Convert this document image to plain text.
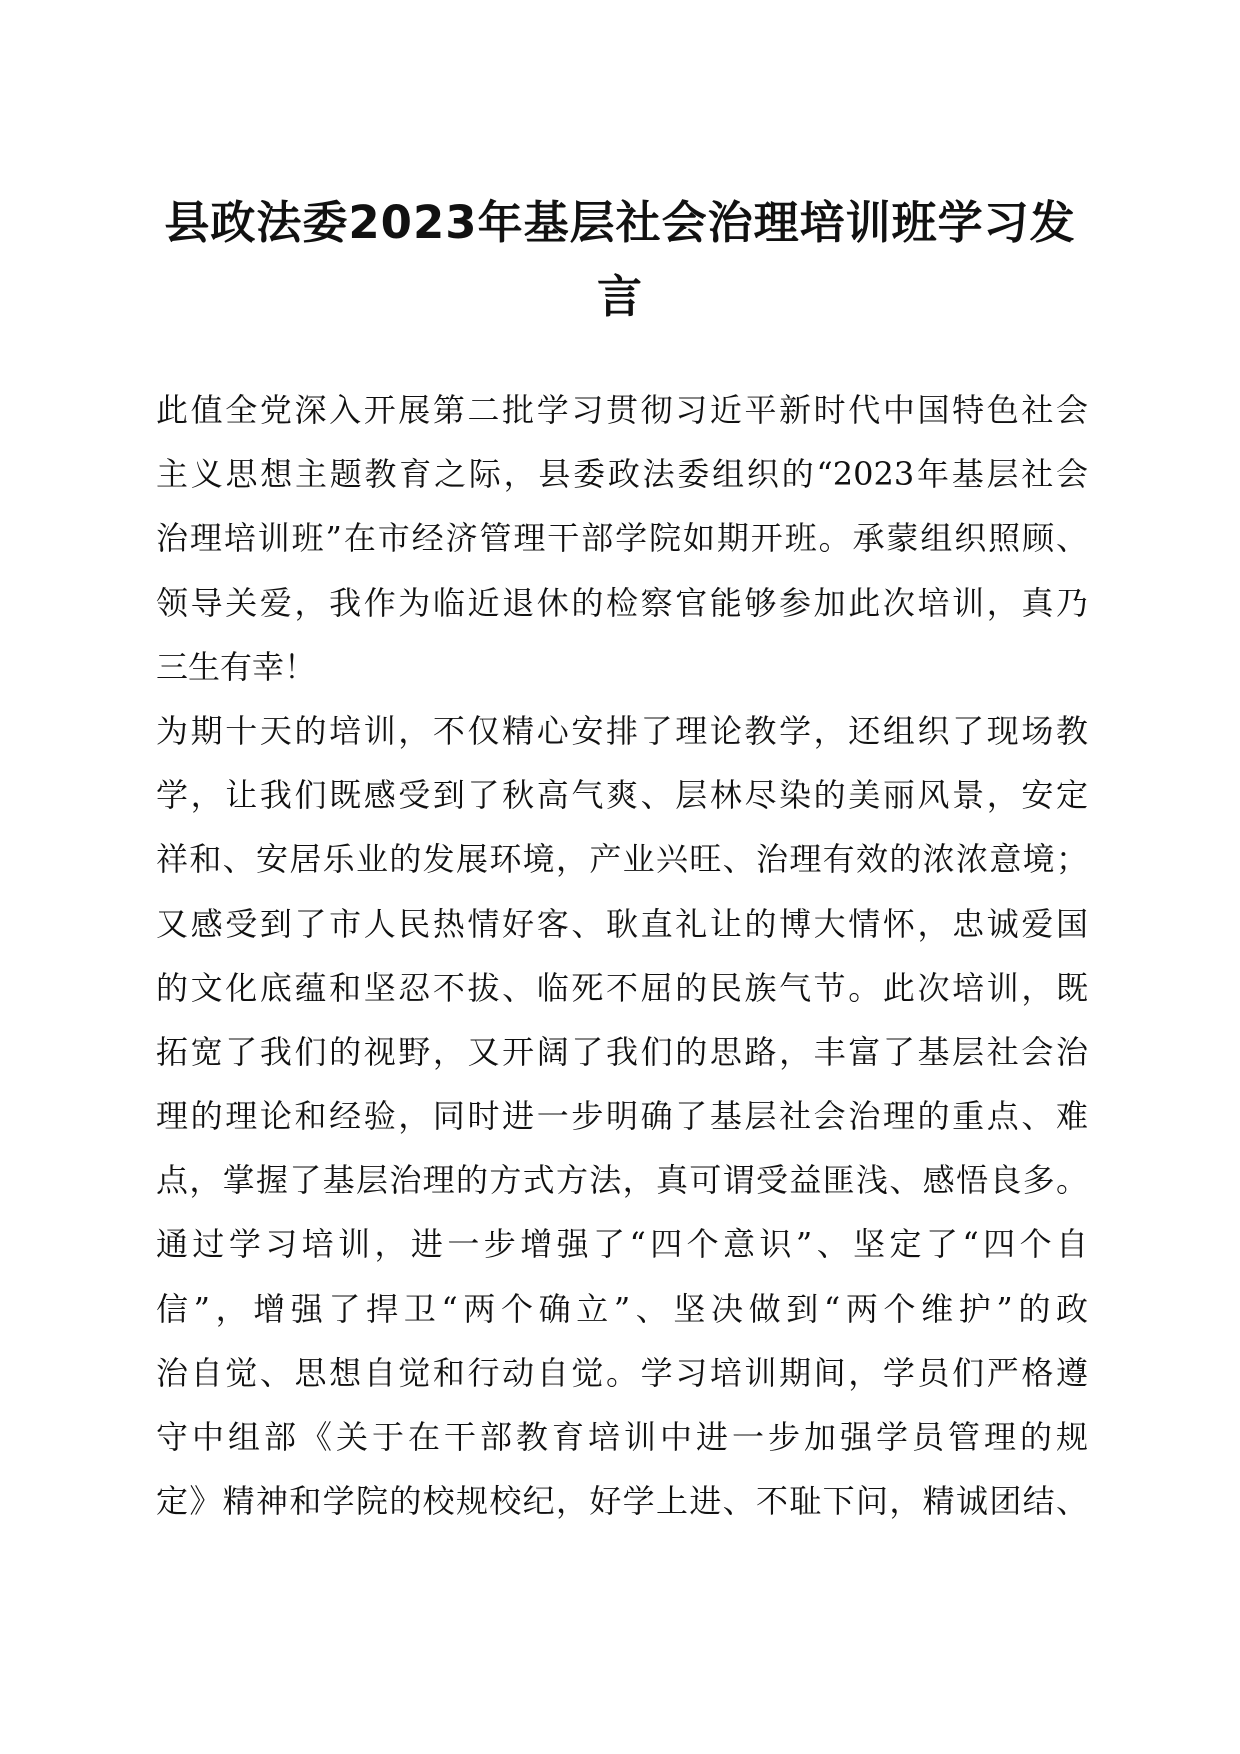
县政法委2023年基层社会治理培训班学习发
言
此值全党深入开展第二批学习贯彻习近平新时代中国特色社会
主义思想主题教育之际，县委政法委组织的“2023年基层社会
治理培训班”在市经济管理干部学院如期开班。承蒙组织照顾、
领导关爱，我作为临近退休的检察官能够参加此次培训，真乃
三生有幸！
为期十天的培训，不仅精心安排了理论教学，还组织了现场教
学，让我们既感受到了秋高气爽、层林尽染的美丽风景，安定
祥和、安居乐业的发展环境，产业兴旺、治理有效的浓浓意境；
又感受到了市人民热情好客、耿直礼让的博大情怀，忠诚爱国
的文化底蕴和坚忍不拔、临死不屈的民族气节。此次培训，既
拓宽了我们的视野，又开阔了我们的思路，丰富了基层社会治
理的理论和经验，同时进一步明确了基层社会治理的重点、难
点，掌握了基层治理的方式方法，真可谓受益匪浅、感悟良多。
通过学习培训，进一步增强了“四个意识”、坚定了“四个自
信”，增强了捍卫“两个确立”、坚决做到“两个维护”的政
治自觉、思想自觉和行动自觉。学习培训期间，学员们严格遵
守中组部《关于在干部教育培训中进一步加强学员管理的规
定》精神和学院的校规校纪，好学上进、不耻下问，精诚团结、
